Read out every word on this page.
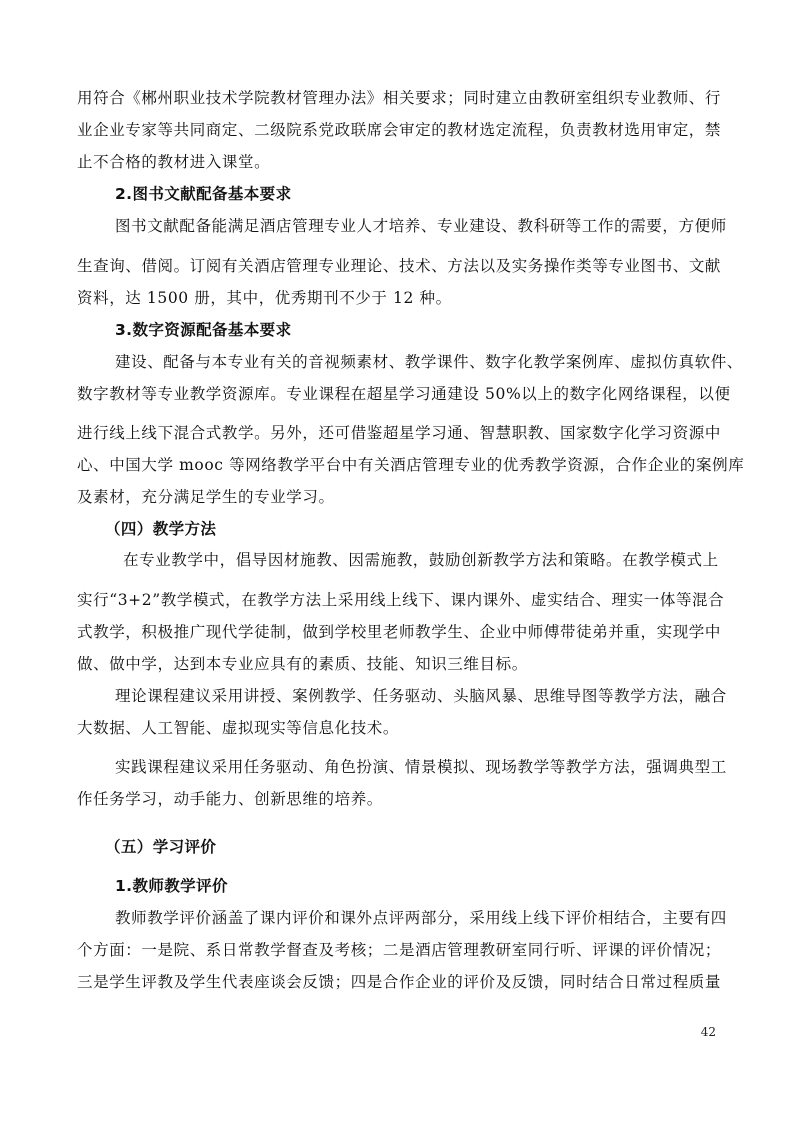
用符合《郴州职业技术学院教材管理办法》相关要求；同时建立由教研室组织专业教师、行
业企业专家等共同商定、二级院系党政联席会审定的教材选定流程，负责教材选用审定，禁
止不合格的教材进入课堂。
2.图书文献配备基本要求
图书文献配备能满足酒店管理专业人才培养、专业建设、教科研等工作的需要，方便师
生查询、借阅。订阅有关酒店管理专业理论、技术、方法以及实务操作类等专业图书、文献
资料，达 1500 册，其中，优秀期刊不少于 12 种。
3.数字资源配备基本要求
建设、配备与本专业有关的音视频素材、教学课件、数字化教学案例库、虚拟仿真软件、
数字教材等专业教学资源库。专业课程在超星学习通建设 50%以上的数字化网络课程，以便
进行线上线下混合式教学。另外，还可借鉴超星学习通、智慧职教、国家数字化学习资源中
心、中国大学 mooc 等网络教学平台中有关酒店管理专业的优秀教学资源，合作企业的案例库
及素材，充分满足学生的专业学习。
（四）教学方法
在专业教学中，倡导因材施教、因需施教，鼓励创新教学方法和策略。在教学模式上
实行“3+2”教学模式，在教学方法上采用线上线下、课内课外、虚实结合、理实一体等混合
式教学，积极推广现代学徒制，做到学校里老师教学生、企业中师傅带徒弟并重，实现学中
做、做中学，达到本专业应具有的素质、技能、知识三维目标。
理论课程建议采用讲授、案例教学、任务驱动、头脑风暴、思维导图等教学方法，融合
大数据、人工智能、虚拟现实等信息化技术。
实践课程建议采用任务驱动、角色扮演、情景模拟、现场教学等教学方法，强调典型工
作任务学习，动手能力、创新思维的培养。
（五）学习评价
1.教师教学评价
教师教学评价涵盖了课内评价和课外点评两部分，采用线上线下评价相结合，主要有四
个方面：一是院、系日常教学督查及考核；二是酒店管理教研室同行听、评课的评价情况；
三是学生评教及学生代表座谈会反馈；四是合作企业的评价及反馈，同时结合日常过程质量
42
